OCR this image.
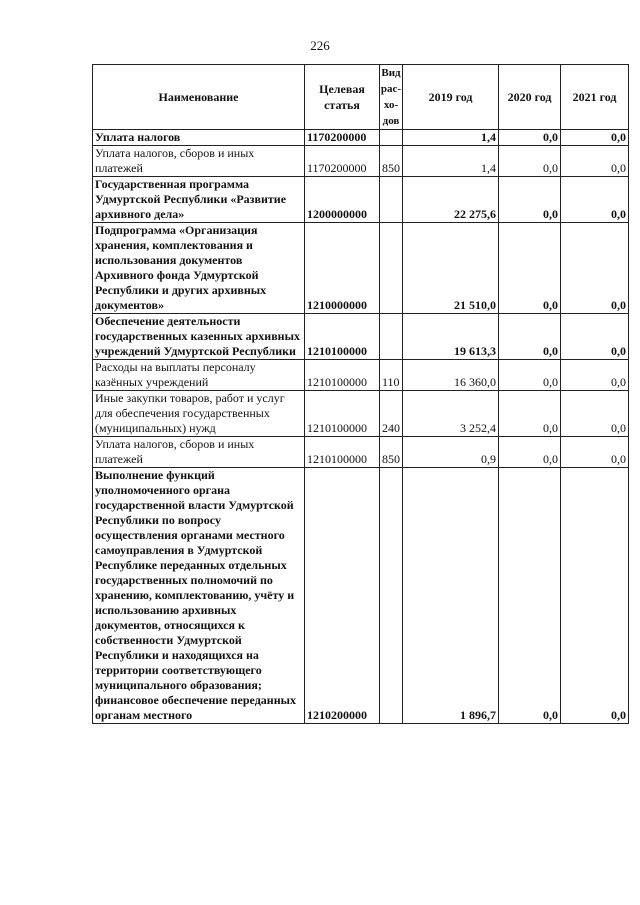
226
Наименование	Целевая статья	Вид рас- хо- дов	2019 год	2020 год	2021 год
Уплата налогов	1170200000		1,4	0,0	0,0
Уплата налогов, сборов и иных платежей	1170200000	850	1,4	0,0	0,0
Государственная программа Удмуртской Республики «Развитие архивного дела»	1200000000		22 275,6	0,0	0,0
Подпрограмма «Организация хранения, комплектования и использования документов Архивного фонда Удмуртской Республики и других архивных документов»	1210000000		21 510,0	0,0	0,0
Обеспечение деятельности государственных казенных архивных учреждений Удмуртской Республики	1210100000		19 613,3	0,0	0,0
Расходы на выплаты персоналу казённых учреждений	1210100000	110	16 360,0	0,0	0,0
Иные закупки товаров, работ и услуг для обеспечения государственных (муниципальных) нужд	1210100000	240	3 252,4	0,0	0,0
Уплата налогов, сборов и иных платежей	1210100000	850	0,9	0,0	0,0
Выполнение функций уполномоченного органа государственной власти Удмуртской Республики по вопросу осуществления органами местного самоуправления в Удмуртской Республике переданных отдельных государственных полномочий по хранению, комплектованию, учёту и использованию архивных документов, относящихся к собственности Удмуртской Республики и находящихся на территории соответствующего муниципального образования; финансовое обеспечение переданных органам местного	1210200000		1 896,7	0,0	0,0
